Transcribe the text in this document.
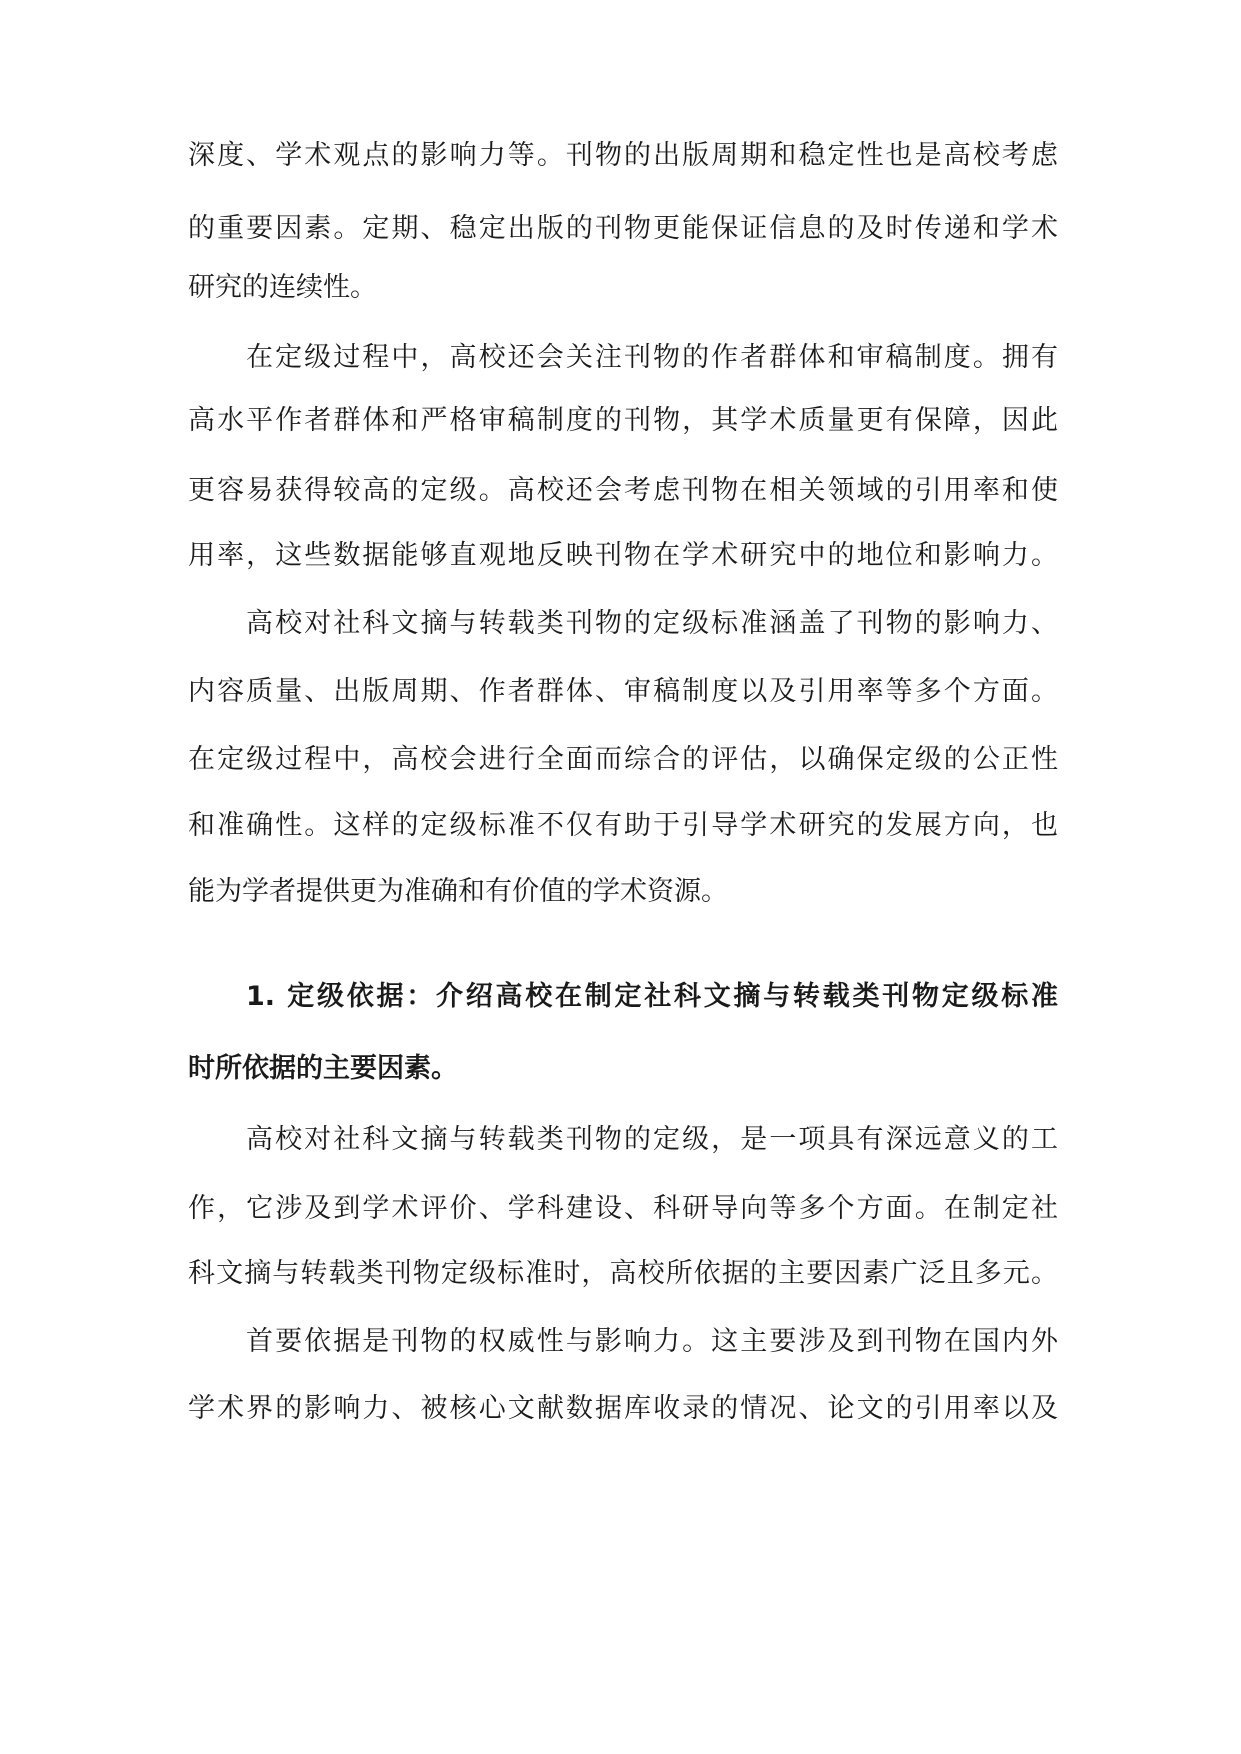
深度、学术观点的影响力等。刊物的出版周期和稳定性也是高校考虑
的重要因素。定期、稳定出版的刊物更能保证信息的及时传递和学术
研究的连续性。
在定级过程中，高校还会关注刊物的作者群体和审稿制度。拥有
高水平作者群体和严格审稿制度的刊物，其学术质量更有保障，因此
更容易获得较高的定级。高校还会考虑刊物在相关领域的引用率和使
用率，这些数据能够直观地反映刊物在学术研究中的地位和影响力。
高校对社科文摘与转载类刊物的定级标准涵盖了刊物的影响力、
内容质量、出版周期、作者群体、审稿制度以及引用率等多个方面。
在定级过程中，高校会进行全面而综合的评估，以确保定级的公正性
和准确性。这样的定级标准不仅有助于引导学术研究的发展方向，也
能为学者提供更为准确和有价值的学术资源。
1. 定级依据：介绍高校在制定社科文摘与转载类刊物定级标准
时所依据的主要因素。
高校对社科文摘与转载类刊物的定级，是一项具有深远意义的工
作，它涉及到学术评价、学科建设、科研导向等多个方面。在制定社
科文摘与转载类刊物定级标准时，高校所依据的主要因素广泛且多元。
首要依据是刊物的权威性与影响力。这主要涉及到刊物在国内外
学术界的影响力、被核心文献数据库收录的情况、论文的引用率以及
